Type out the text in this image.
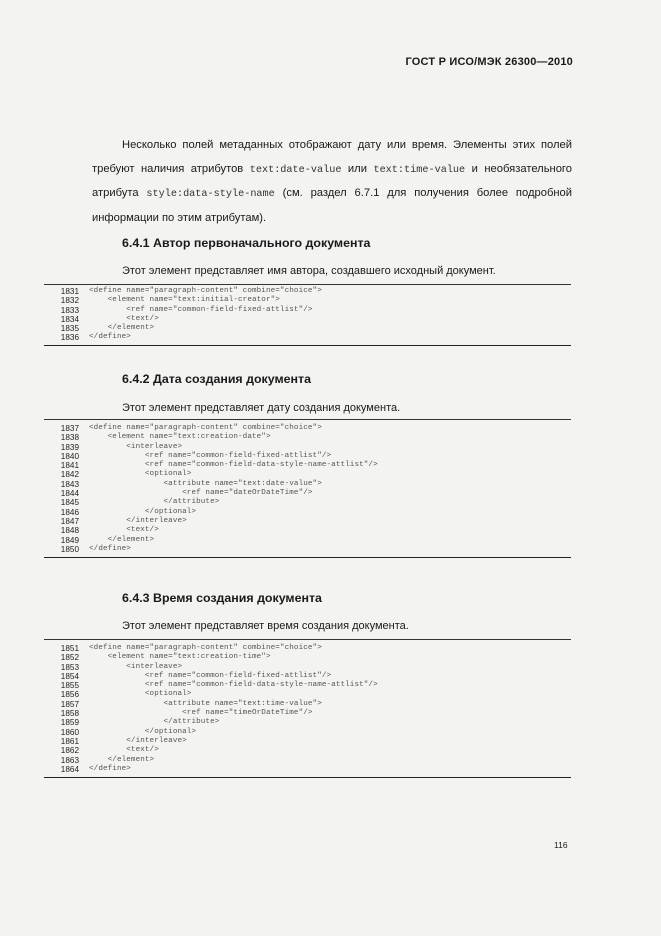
ГОСТ Р ИСО/МЭК 26300—2010

Несколько полей метаданных отображают дату или время. Элементы этих полей требуют наличия атрибутов text:date-value или text:time-value и необязательного атрибута style:data-style-name (см. раздел 6.7.1 для получения более подробной информации по этим атрибутам).

6.4.1 Автор первоначального документа
Этот элемент представляет имя автора, создавшего исходный документ.
1831	<define name="paragraph-content" combine="choice">
1832	<element name="text:initial-creator">
1833	<ref name="common-field-fixed-attlist"/>
1834	<text/>
1835	</element>
1836	</define>
6.4.2 Дата создания документа
Этот элемент представляет дату создания документа.
1837	<define name="paragraph-content" combine="choice">
1838	<element name="text:creation-date">
1839	<interleave>
1840	<ref name="common-field-fixed-attlist"/>
1841	<ref name="common-field-data-style-name-attlist"/>
1842	<optional>
1843	<attribute name="text:date-value">
1844	<ref name="dateOrDateTime"/>
1845	</attribute>
1846	</optional>
1847	</interleave>
1848	<text/>
1849	</element>
1850	</define>
6.4.3 Время создания документа
Этот элемент представляет время создания документа.
1851	<define name="paragraph-content" combine="choice">
1852	<element name="text:creation-time">
1853	<interleave>
1854	<ref name="common-field-fixed-attlist"/>
1855	<ref name="common-field-data-style-name-attlist"/>
1856	<optional>
1857	<attribute name="text:time-value">
1858	<ref name="timeOrDateTime"/>
1859	</attribute>
1860	</optional>
1861	</interleave>
1862	<text/>
1863	</element>
1864	</define>
116
